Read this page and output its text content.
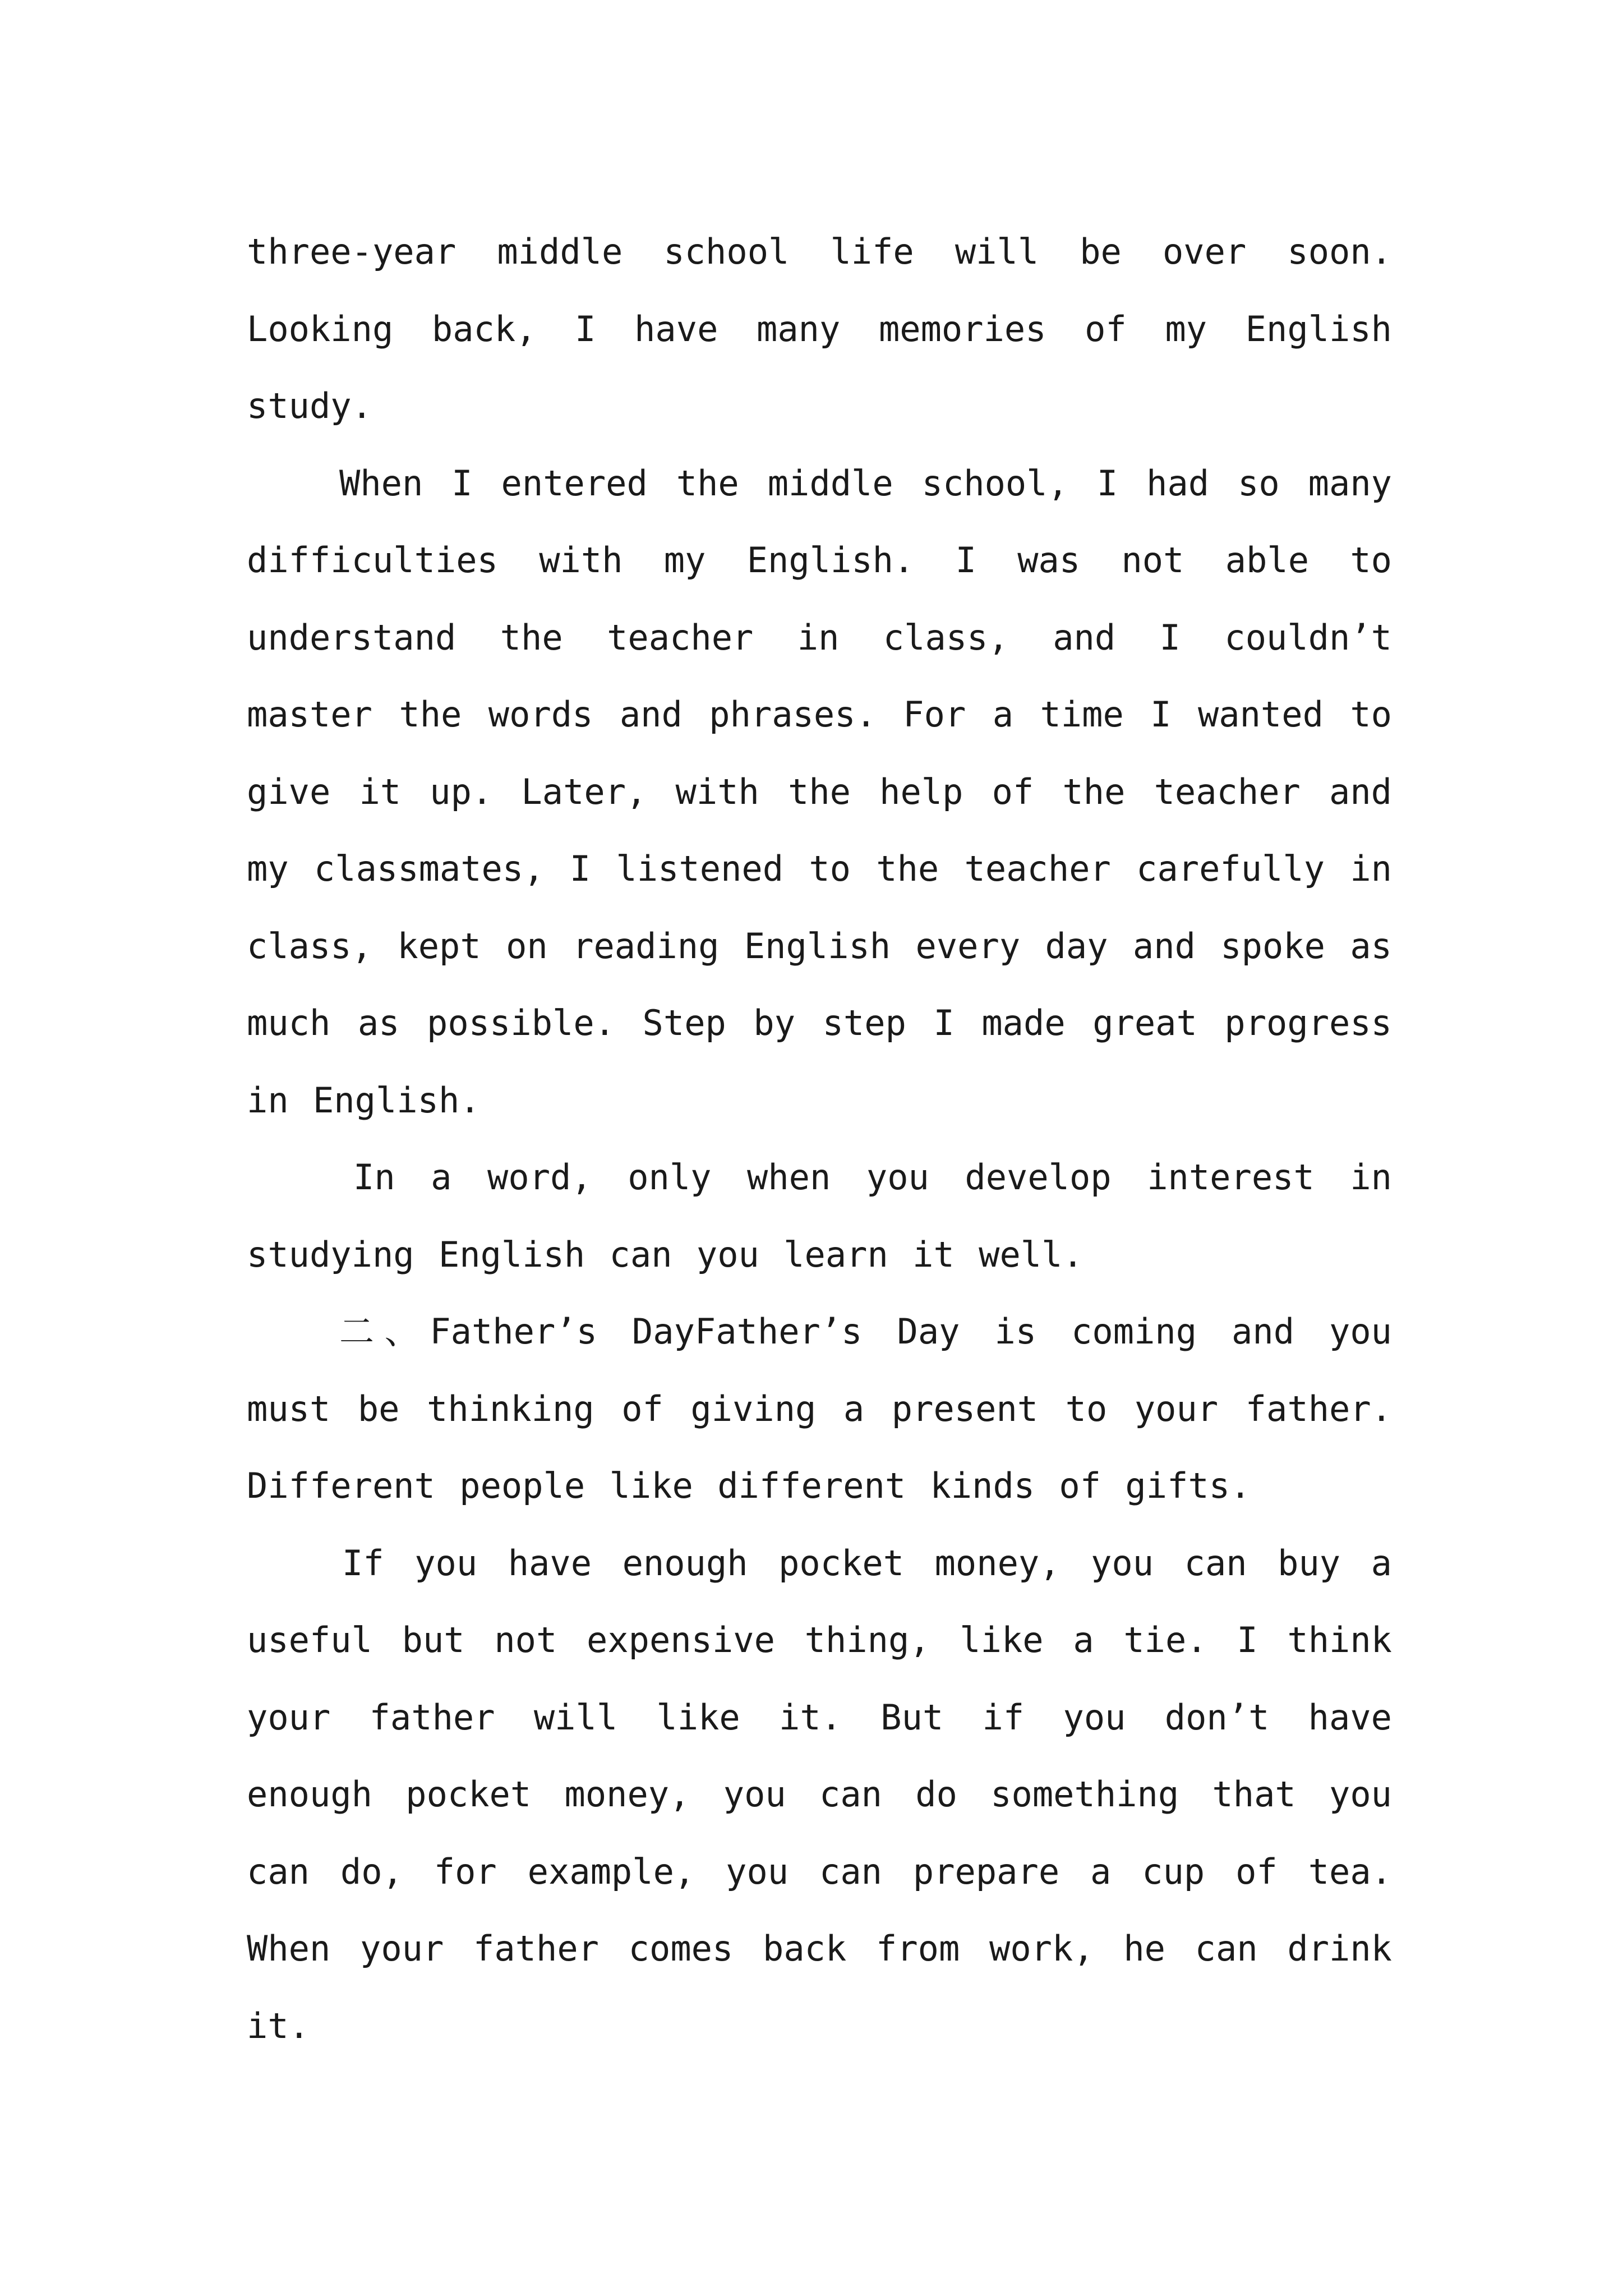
three-year middle school life will be over soon. Looking back, I have many memories of my English study.

When I entered the middle school, I had so many difficulties with my English. I was not able to understand the teacher in class, and I couldn’t master the words and phrases. For a time I wanted to give it up. Later, with the help of the teacher and my classmates, I listened to the teacher carefully in class, kept on reading English every day and spoke as much as possible. Step by step I made great progress in English.

In a word, only when you develop interest in studying English can you learn it well.

二、Father’s DayFather’s Day is coming and you must be thinking of giving a present to your father. Different people like different kinds of gifts.

If you have enough pocket money, you can buy a useful but not expensive thing, like a tie. I think your father will like it. But if you don’t have enough pocket money, you can do something that you can do, for example, you can prepare a cup of tea. When your father comes back from work, he can drink it.
